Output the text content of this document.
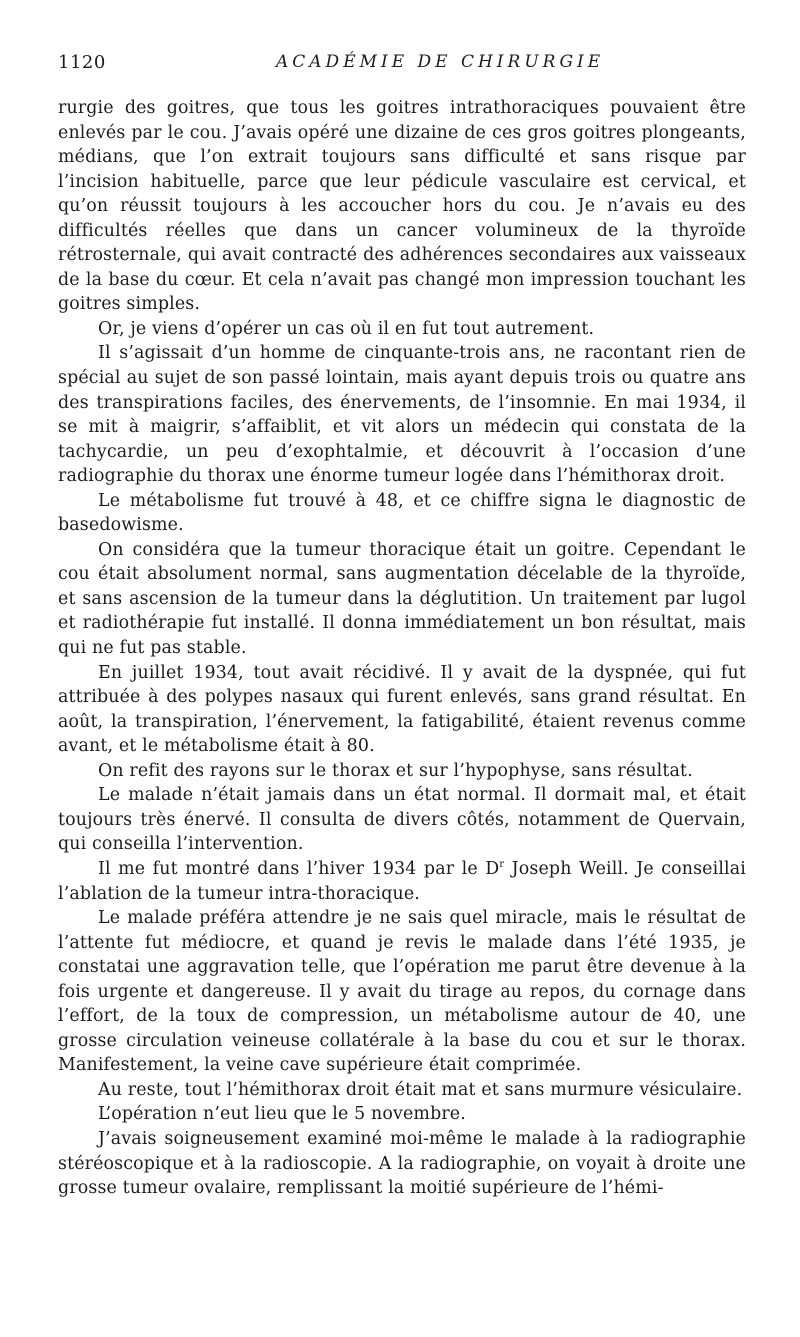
1120	ACADÉMIE DE CHIRURGIE

rurgie des goitres, que tous les goitres intrathoraciques pouvaient être enlevés par le cou. J’avais opéré une dizaine de ces gros goitres plongeants, médians, que l’on extrait toujours sans difficulté et sans risque par l’incision habituelle, parce que leur pédicule vasculaire est cervical, et qu’on réussit toujours à les accoucher hors du cou. Je n’avais eu des difficultés réelles que dans un cancer volumineux de la thyroïde rétrosternale, qui avait contracté des adhérences secondaires aux vaisseaux de la base du cœur. Et cela n’avait pas changé mon impression touchant les goitres simples.

Or, je viens d’opérer un cas où il en fut tout autrement.

Il s’agissait d’un homme de cinquante-trois ans, ne racontant rien de spécial au sujet de son passé lointain, mais ayant depuis trois ou quatre ans des transpirations faciles, des énervements, de l’insomnie. En mai 1934, il se mit à maigrir, s’affaiblit, et vit alors un médecin qui constata de la tachycardie, un peu d’exophtalmie, et découvrit à l’occasion d’une radiographie du thorax une énorme tumeur logée dans l’hémithorax droit.

Le métabolisme fut trouvé à 48, et ce chiffre signa le diagnostic de basedowisme.

On considéra que la tumeur thoracique était un goitre. Cependant le cou était absolument normal, sans augmentation décelable de la thyroïde, et sans ascension de la tumeur dans la déglutition. Un traitement par lugol et radiothérapie fut installé. Il donna immédiatement un bon résultat, mais qui ne fut pas stable.

En juillet 1934, tout avait récidivé. Il y avait de la dyspnée, qui fut attribuée à des polypes nasaux qui furent enlevés, sans grand résultat. En août, la transpiration, l’énervement, la fatigabilité, étaient revenus comme avant, et le métabolisme était à 80.

On refit des rayons sur le thorax et sur l’hypophyse, sans résultat.

Le malade n’était jamais dans un état normal. Il dormait mal, et était toujours très énervé. Il consulta de divers côtés, notamment de Quervain, qui conseilla l’intervention.

Il me fut montré dans l’hiver 1934 par le $D^r$ Joseph Weill. Je conseillai l’ablation de la tumeur intra-thoracique.

Le malade préféra attendre je ne sais quel miracle, mais le résultat de l’attente fut médiocre, et quand je revis le malade dans l’été 1935, je constatai une aggravation telle, que l’opération me parut être devenue à la fois urgente et dangereuse. Il y avait du tirage au repos, du cornage dans l’effort, de la toux de compression, un métabolisme autour de 40, une grosse circulation veineuse collatérale à la base du cou et sur le thorax. Manifestement, la veine cave supérieure était comprimée.

Au reste, tout l’hémithorax droit était mat et sans murmure vésiculaire.

L’opération n’eut lieu que le 5 novembre.

J’avais soigneusement examiné moi-même le malade à la radiographie stéréoscopique et à la radioscopie. A la radiographie, on voyait à droite une grosse tumeur ovalaire, remplissant la moitié supérieure de l’hémi-
